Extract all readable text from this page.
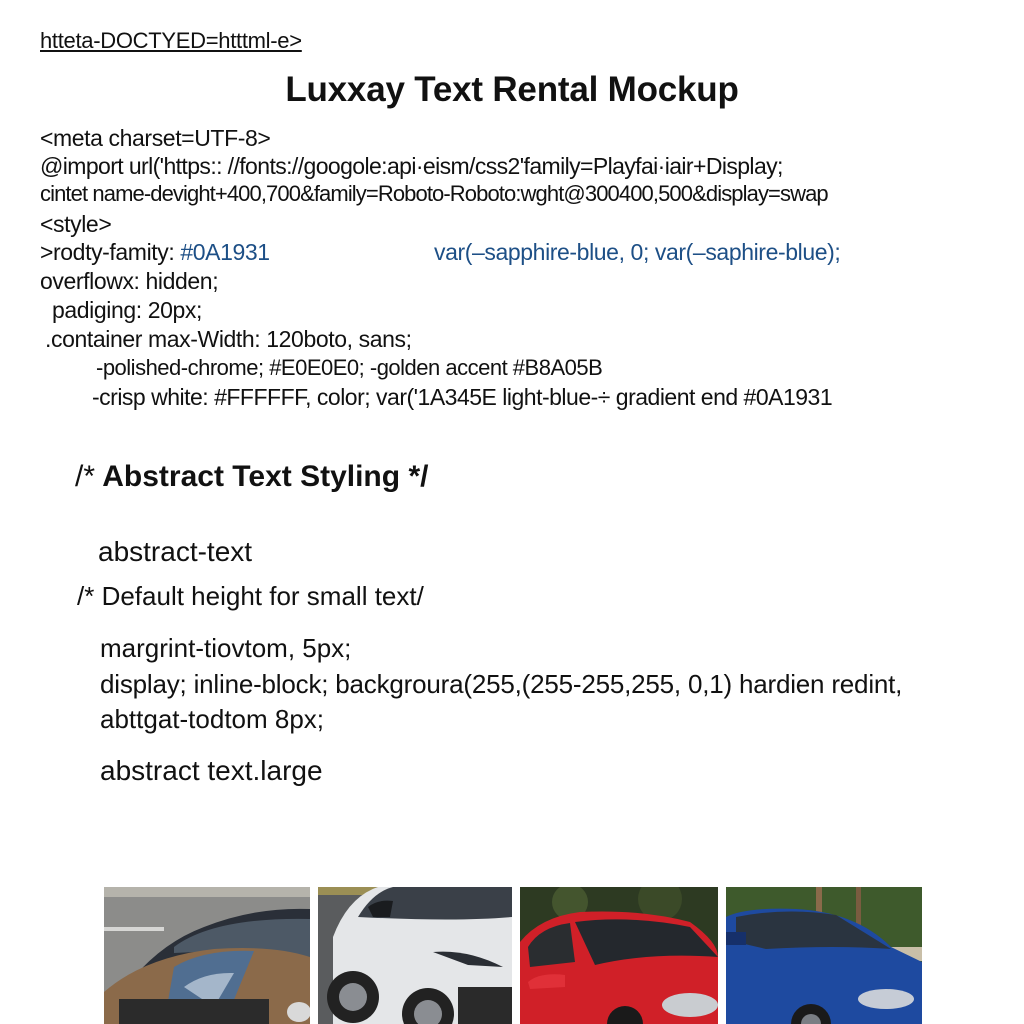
htteta-DOCTYED=htttml-e>
Luxxay Text Rental Mockup
<meta charset=UTF-8>
@import url('https:: //fonts://googole:api·eism/css2'family=Playfai·iair+Display;
cintet name-devight+400,700&family=Roboto-Roboto:wght@300400,500&display=swap
<style>
>rodty-famity: #0A1931	var(–sapphire-blue, 0; var(–saphire-blue);
overflowx: hidden;
padiging: 20px;
.container max-Width: 120boto, sans;
-polished-chrome; #E0E0E0; -golden accent #B8A05B
-crisp white: #FFFFFF, color; var('1A345E light-blue-÷ gradient end #0A1931
/* Abstract Text Styling */
abstract-text
/* Default height for small text/
margrint-tiovtom, 5px;
display; inline-block; backgroura(255,(255-255,255, 0,1) hardien redint,
abttgat-todtom 8px;
abstract text.large
